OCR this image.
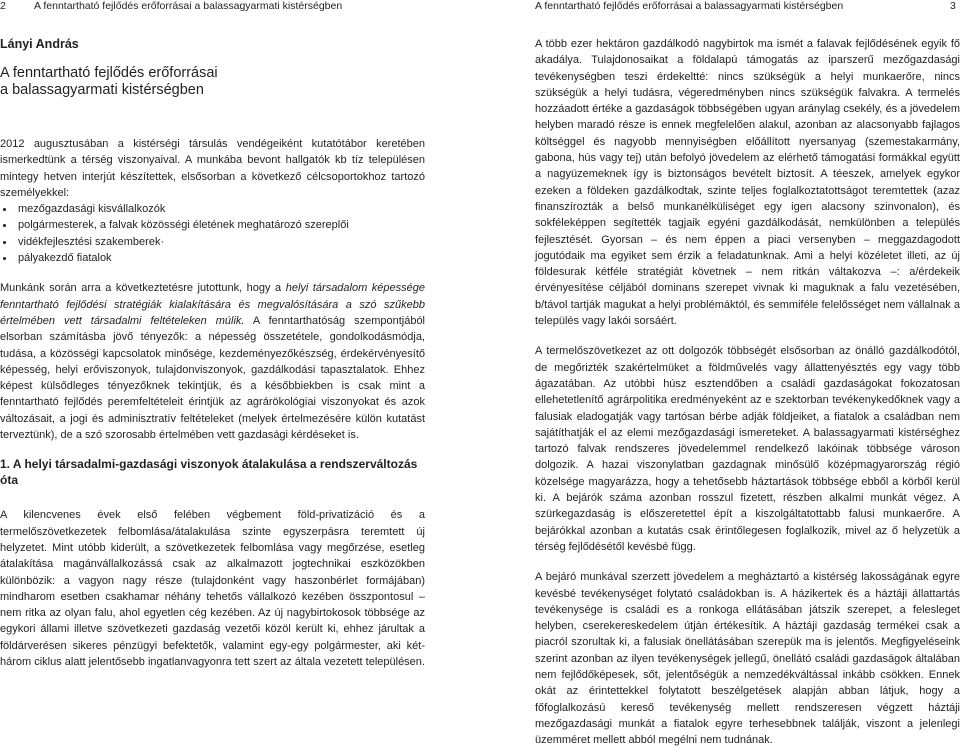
2	A fenntartható fejlődés erőforrásai a balassagyarmati kistérségben	A fenntartható fejlődés erőforrásai a balassagyarmati kistérségben	3
Lányi András
A fenntartható fejlődés erőforrásai
a balassagyarmati kistérségben

2012 augusztusában a kistérségi társulás vendégeiként kutatótábor keretében ismerkedtünk a térség viszonyaival. A munkába bevont hallgatók kb tíz településen mintegy hetven interjút készítettek, elsősorban a következő célcsoportokhoz tartozó személyekkel:

mezőgazdasági kisvállalkozók
polgármesterek, a falvak közösségi életének meghatározó szereplői
vidékfejlesztési szakemberek·
pályakezdő fiatalok

Munkánk során arra a következtetésre jutottunk, hogy a helyi társadalom képessége fenntartható fejlődési stratégiák kialakítására és megvalósítására a szó szűkebb értelmében vett társadalmi feltételeken múlik. A fenntarthatóság szempontjából elsorban számításba jövő tényezők: a népesség összetétele, gondolkodásmódja, tudása, a közösségi kapcsolatok minősége, kezdeményezőkészség, érdekérvényesítő képesség, helyi erőviszonyok, tulajdonviszonyok, gazdálkodási tapasztalatok. Ehhez képest külsődleges tényezőknek tekintjük, és a későbbiekben is csak mint a fenntartható fejlődés peremfeltételeit érintjük az agrárökológiai viszonyokat és azok változásait, a jogi és adminisztratív feltételeket (melyek értelmezésére külön kutatást terveztünk), de a szó szorosabb értelmében vett gazdasági kérdéseket is.

1. A helyi társadalmi-gazdasági viszonyok átalakulása a rendszerváltozás óta

A kilencvenes évek első felében végbement föld-privatizáció és a termelőszövetkezetek felbomlása/átalakulása szinte egyszerpásra teremtett új helyzetet. Mint utóbb kiderült, a szövetkezetek felbomlása vagy megőrzése, esetleg átalakítása magánvállalkozássá csak az alkalmazott jogtechnikai eszközökben különbözik: a vagyon nagy része (tulajdonként vagy haszonbérlet formájában) mindharom esetben csakhamar néhány tehetős vállalkozó kezében összpontosul – nem ritka az olyan falu, ahol egyetlen cég kezében. Az új nagybirtokosok többsége az egykori állami illetve szövetkezeti gazdaság vezetői közöl került ki, ehhez járultak a földárverésen sikeres pénzügyi befektetők, valamint egy-egy polgármester, aki két-három ciklus alatt jelentősebb ingatlanvagyonra tett szert az általa vezetett településen.

A több ezer hektáron gazdálkodó nagybirtok ma ismét a falavak fejlődésének egyik fő akadálya. Tulajdonosaikat a földalapú támogatás az iparszerű mezőgazdasági tevékenységben teszi érdekeltté: nincs szükségük a helyi munkaerőre, nincs szükségük a helyi tudásra, végeredményben nincs szükségük falvakra. A termelés hozzáadott értéke a gazdaságok többségében ugyan aránylag csekély, és a jövedelem helyben maradó része is ennek megfelelően alakul, azonban az alacsonyabb fajlagos költséggel és nagyobb mennyiségben előállított nyersanyag (szemestakarmány, gabona, hús vagy tej) után befolyó jövedelem az elérhető támogatási formákkal együtt a nagyüzemeknek így is biztonságos bevételt biztosít. A téeszek, amelyek egykor ezeken a földeken gazdálkodtak, szinte teljes foglalkoztatottságot teremtettek (azaz finanszírozták a belső munkanélküliséget egy igen alacsony szinvonalon), és sokféleképpen segítették tagjaik egyéni gazdálkodását, nemkülönben a település fejlesztését. Gyorsan – és nem éppen a piaci versenyben – meggazdagodott jogutódaik ma egyiket sem érzik a feladatunknak. Ami a helyi közéletet illeti, az új földesurak kétféle stratégiát követnek – nem ritkán váltakozva –: a/érdekeik érvényesítése céljából dominans szerepet vivnak ki maguknak a falu vezetésében, b/távol tartják magukat a helyi problémáktól, és semmiféle felelősséget nem vállalnak a település vagy lakói sorsáért.

A termelőszövetkezet az ott dolgozók többségét elsősorban az önálló gazdálkodótól, de megőrizték szakértelmüket a földművelés vagy állattenyésztés egy vagy több ágazatában. Az utóbbi húsz esztendőben a családi gazdaságokat fokozatosan ellehetetlenítő agrárpolitika eredményeként az e szektorban tevékenykedőknek vagy a falusiak eladogatják vagy tartósan bérbe adják földjeiket, a fiatalok a családban nem sajátíthatják el az elemi mezőgazdasági ismereteket. A balassagyarmati kistérséghez tartozó falvak rendszeres jövedelemmel rendelkező lakóinak többsége városon dolgozik. A hazai viszonylatban gazdagnak minősülő középmagyarország régió közelsége magyarázza, hogy a tehetősebb háztartások többsége ebből a körből kerül ki. A bejárók száma azonban rosszul fizetett, részben alkalmi munkát végez. A szürkegazdaság is előszeretettel épít a kiszolgáltatottabb falusi munkaerőre. A bejárókkal azonban a kutatás csak érintőlegesen foglalkozik, mivel az ő helyzetük a térség fejlődésétől kevésbé függ.

A bejáró munkával szerzett jövedelem a megháztartó a kistérség lakosságának egyre kevésbé tevékenységet folytató családokban is. A házikertek és a háztáji állattartás tevékenysége is családi es a ronkoga ellátásában játszik szerepet, a felesleget helyben, cserekereskedelem útján értékesítik. A háztáji gazdaság termékei csak a piacról szorultak ki, a falusiak önellátásában szerepük ma is jelentős. Megfigyeléseink szerint azonban az ilyen tevékenységek jellegű, önellátó családi gazdaságok általában nem fejlődőképesek, sőt, jelentőségük a nemzedékváltással inkább csökken. Ennek okát az érintettekkel folytatott beszélgetések alapján abban látjuk, hogy a főfoglalkozású kereső tevékenység mellett rendszeresen végzett háztáji mezőgazdasági munkát a fiatalok egyre terhesebbnek találják, viszont a jelenlegi üzemméret mellett abból megélni nem tudnának.
